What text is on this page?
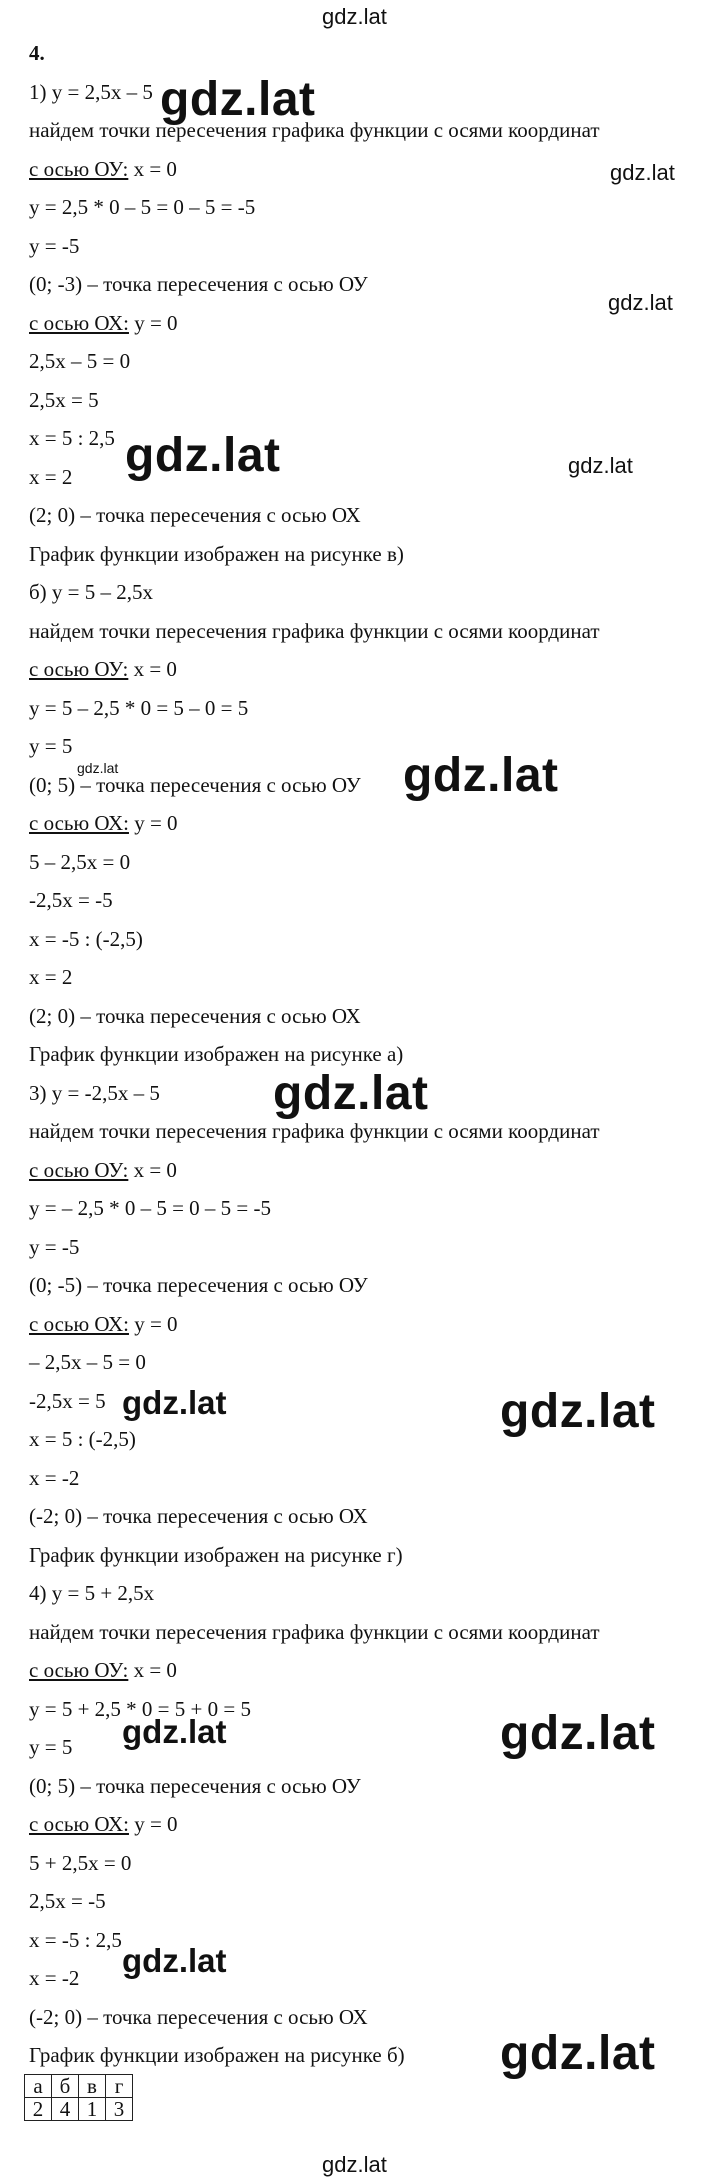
gdz.lat
4.
1) y = 2,5x – 5
найдем точки пересечения графика функции с осями координат
с осью ОУ: x = 0
y = 2,5 * 0 – 5 = 0 – 5 = -5
y = -5
(0; -3) – точка пересечения с осью ОУ
с осью ОХ: y = 0
2,5x – 5 = 0
2,5x = 5
x = 5 : 2,5
x = 2
(2; 0) – точка пересечения с осью ОХ
График функции изображен на рисунке в)
б) y = 5 – 2,5x
найдем точки пересечения графика функции с осями координат
с осью ОУ: x = 0
y = 5 – 2,5 * 0 = 5 – 0 = 5
y = 5
(0; 5) – точка пересечения с осью ОУ
с осью ОХ: y = 0
5 – 2,5x = 0
-2,5x = -5
x = -5 : (-2,5)
x = 2
(2; 0) – точка пересечения с осью ОХ
График функции изображен на рисунке а)
3) y = -2,5x – 5
найдем точки пересечения графика функции с осями координат
с осью ОУ: x = 0
y = – 2,5 * 0 – 5 = 0 – 5 = -5
y = -5
(0; -5) – точка пересечения с осью ОУ
с осью ОХ: y = 0
– 2,5x – 5 = 0
-2,5x = 5
x = 5 : (-2,5)
x = -2
(-2; 0) – точка пересечения с осью ОХ
График функции изображен на рисунке г)
4) y = 5 + 2,5x
найдем точки пересечения графика функции с осями координат
с осью ОУ: x = 0
y = 5 + 2,5 * 0 = 5 + 0 = 5
y = 5
(0; 5) – точка пересечения с осью ОУ
с осью ОХ: y = 0
5 + 2,5x = 0
2,5x = -5
x = -5 : 2,5
x = -2
(-2; 0) – точка пересечения с осью ОХ
График функции изображен на рисунке б)
а	б	в	г
2	4	1	3
gdz.lat
gdz.lat
gdz.lat
gdz.lat	gdz.lat
gdz.lat	gdz.lat
gdz.lat
gdz.lat	gdz.lat
gdz.lat	gdz.lat
gdz.lat
gdz.lat
gdz.lat
